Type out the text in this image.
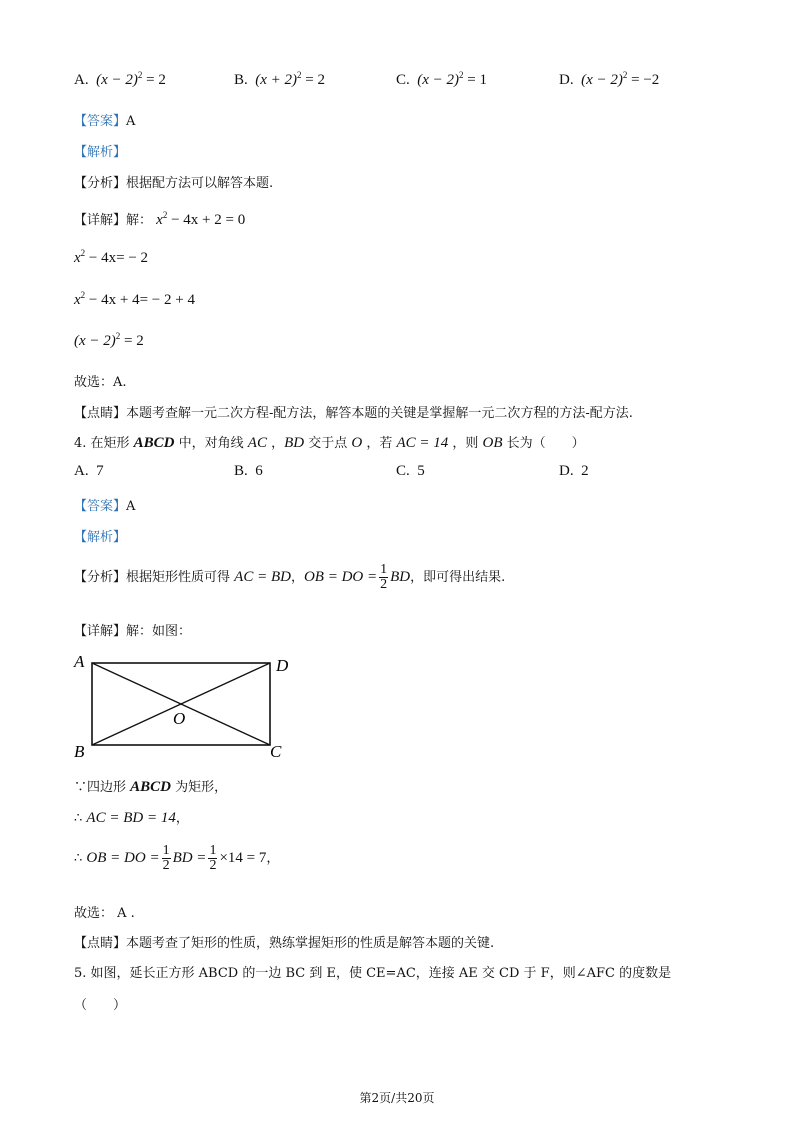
A. $(x - 2)^2 = 2$	B. $(x + 2)^2 = 2$	C. $(x - 2)^2 = 1$	D. $(x - 2)^2 = -2$
【答案】A
【解析】
【分析】根据配方法可以解答本题.
【详解】解： $x^2 - 4x + 2 = 0$
$x^2 - 4x= - 2$
$x^2 - 4x + 4= - 2 + 4$
$(x - 2)^2 = 2$
故选：A.
【点睛】本题考查解一元二次方程-配方法，解答本题的关键是掌握解一元二次方程的方法-配方法.
4. 在矩形 ABCD 中，对角线 AC ，BD 交于点 O ，若 AC = 14 ，则 OB 长为（　　）
A. 7	B. 6	C. 5	D. 2
【答案】A
【解析】
【分析】根据矩形性质可得 AC = BD，OB = DO = $\frac{1}{2}$ BD，即可得出结果.
【详解】解：如图：
A	D
B	C
O
∵四边形 ABCD 为矩形，
∴ AC = BD = 14，
∴ OB = DO = $\frac{1}{2}$ BD = $\frac{1}{2} \times 14 = 7$，
故选： A .
【点睛】本题考查了矩形的性质，熟练掌握矩形的性质是解答本题的关键.
5. 如图，延长正方形 ABCD 的一边 BC 到 E，使 CE=AC，连接 AE 交 CD 于 F，则∠AFC 的度数是
（　　）
第2页/共20页
